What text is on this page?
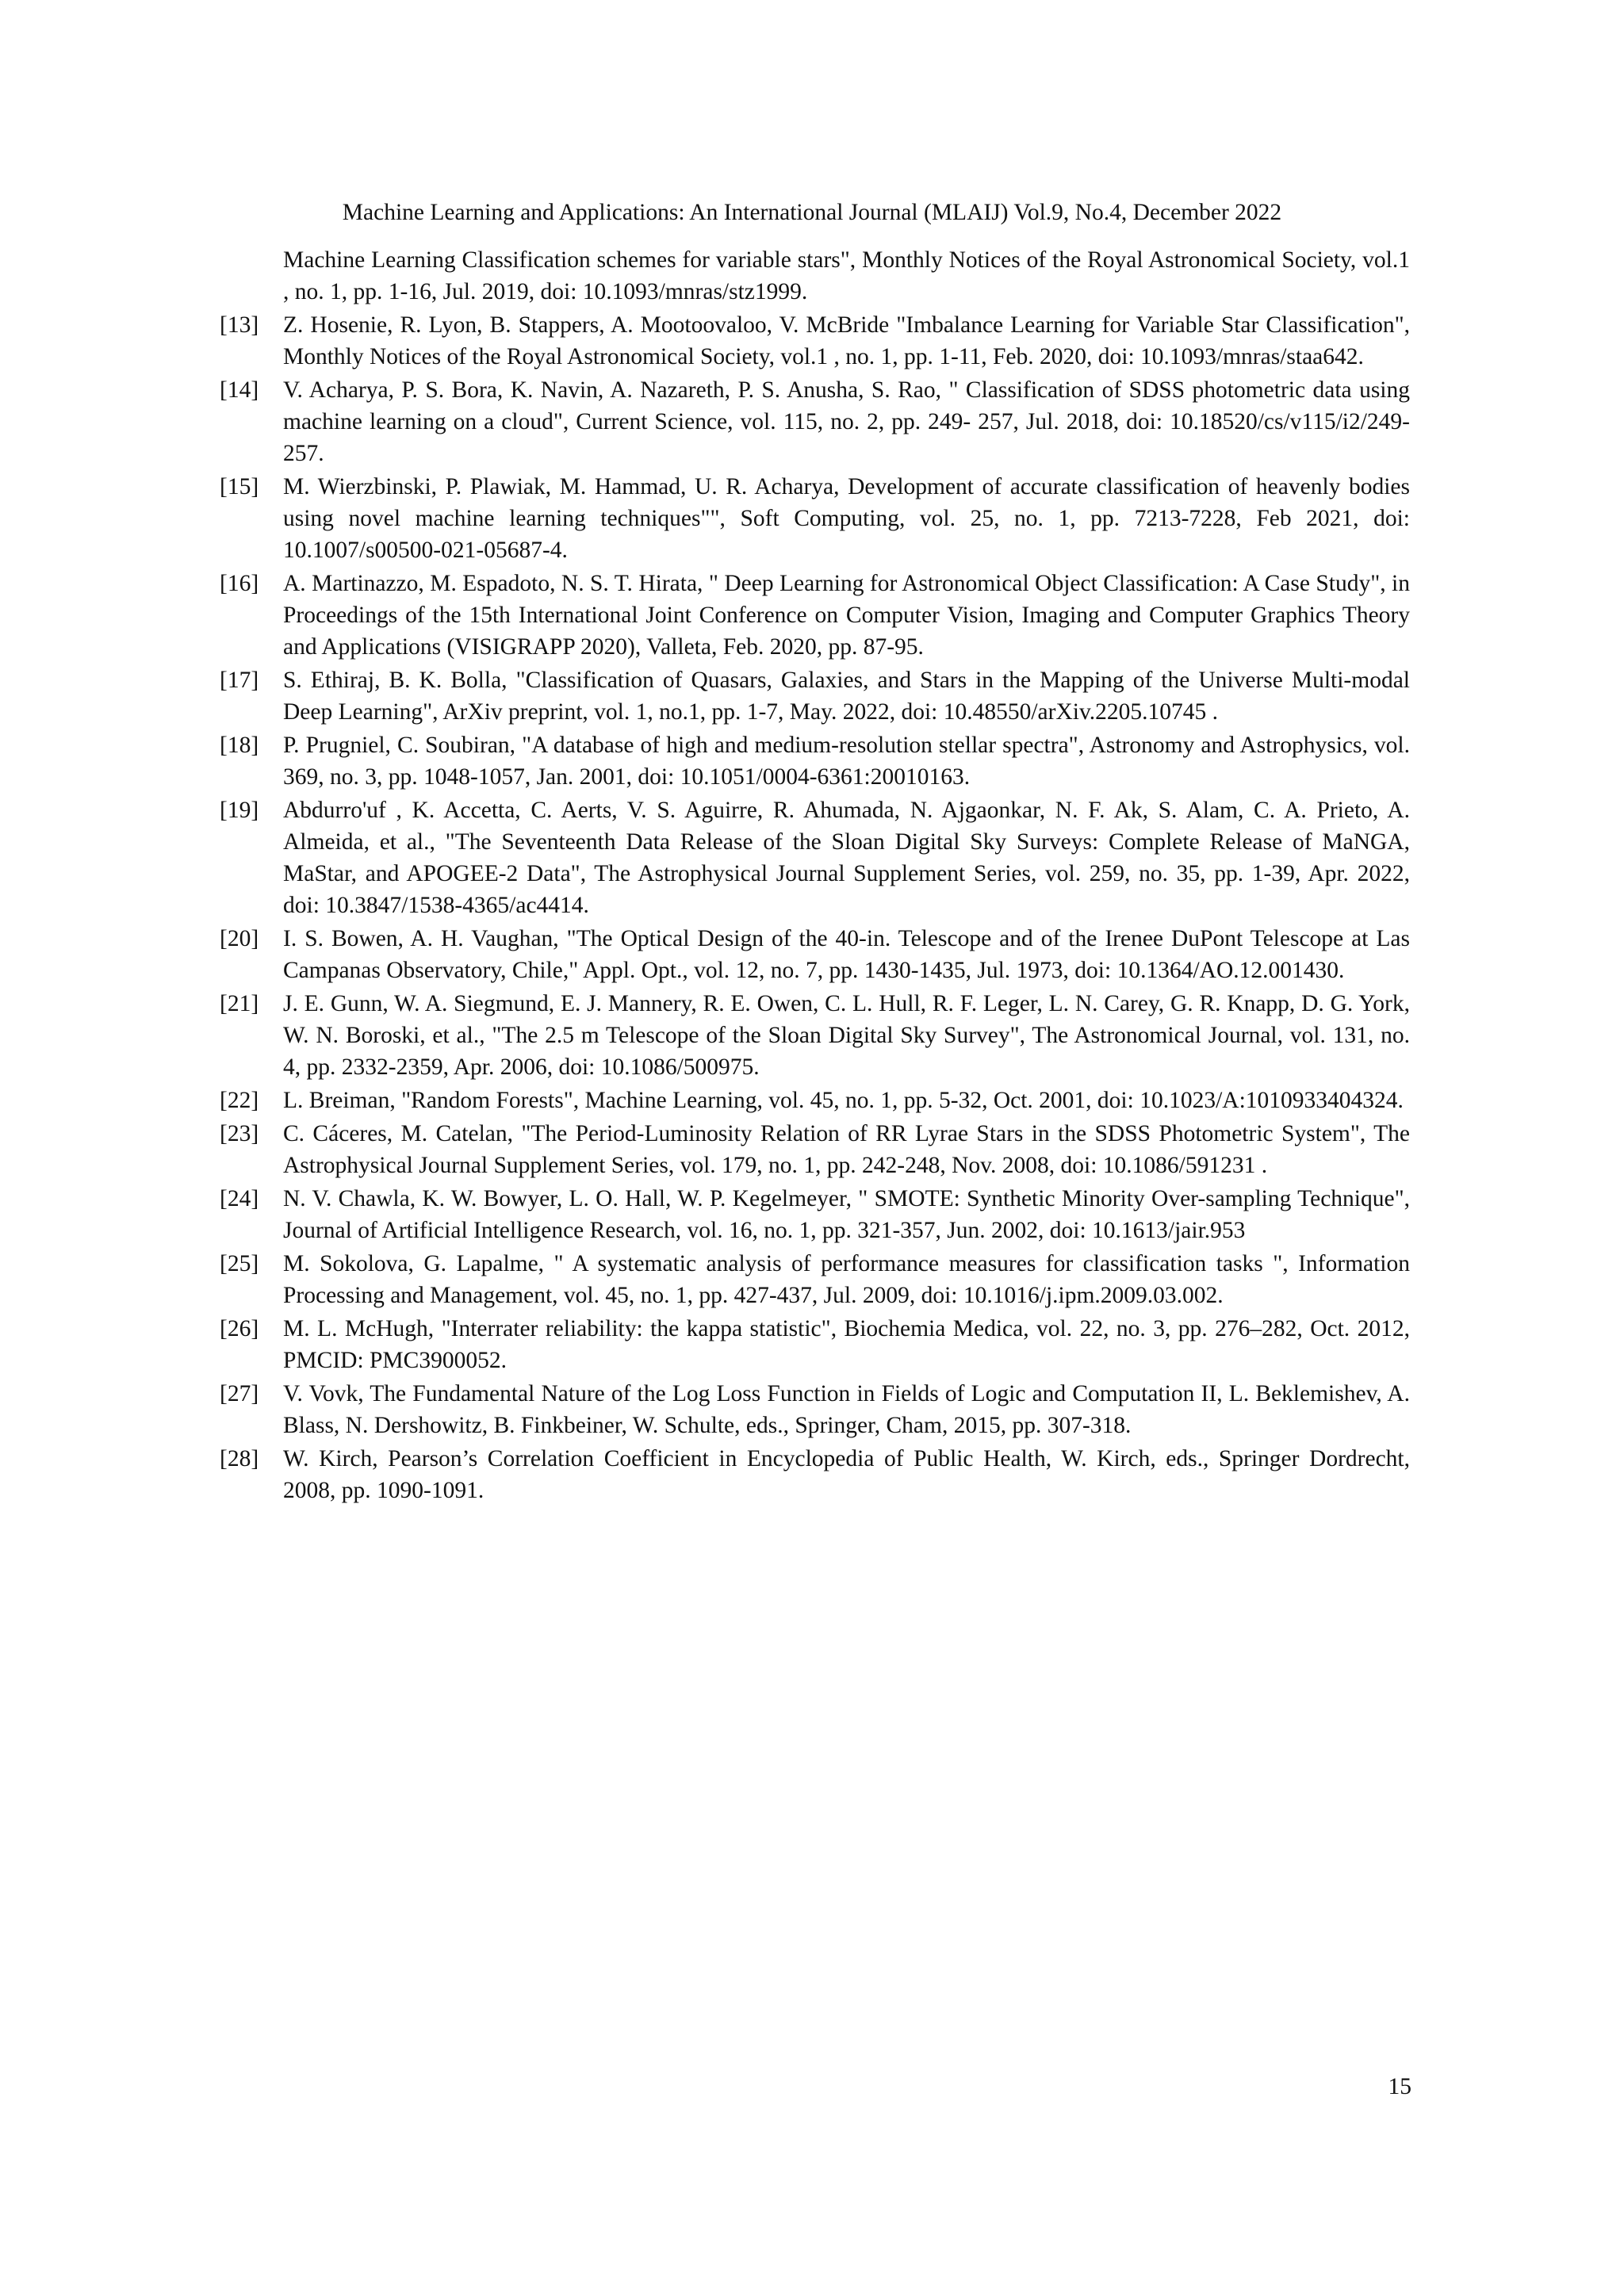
Machine Learning and Applications: An International Journal (MLAIJ) Vol.9, No.4, December 2022
Machine Learning Classification schemes for variable stars", Monthly Notices of the Royal Astronomical Society, vol.1 , no. 1, pp. 1-16, Jul. 2019, doi: 10.1093/mnras/stz1999.
[13]	Z. Hosenie, R. Lyon, B. Stappers, A. Mootoovaloo, V. McBride "Imbalance Learning for Variable Star Classification", Monthly Notices of the Royal Astronomical Society, vol.1 , no. 1, pp. 1-11, Feb. 2020, doi: 10.1093/mnras/staa642.
[14]	V. Acharya, P. S. Bora, K. Navin, A. Nazareth, P. S. Anusha, S. Rao, " Classification of SDSS photometric data using machine learning on a cloud", Current Science, vol. 115, no. 2, pp. 249- 257, Jul. 2018, doi: 10.18520/cs/v115/i2/249-257.
[15]	M. Wierzbinski, P. Plawiak, M. Hammad, U. R. Acharya, Development of accurate classification of heavenly bodies using novel machine learning techniques"", Soft Computing, vol. 25, no. 1, pp. 7213-7228, Feb 2021, doi: 10.1007/s00500-021-05687-4.
[16]	A. Martinazzo, M. Espadoto, N. S. T. Hirata, " Deep Learning for Astronomical Object Classification: A Case Study", in Proceedings of the 15th International Joint Conference on Computer Vision, Imaging and Computer Graphics Theory and Applications (VISIGRAPP 2020), Valleta, Feb. 2020, pp. 87-95.
[17]	S. Ethiraj, B. K. Bolla, "Classification of Quasars, Galaxies, and Stars in the Mapping of the Universe Multi-modal Deep Learning", ArXiv preprint, vol. 1, no.1, pp. 1-7, May. 2022, doi: 10.48550/arXiv.2205.10745 .
[18]	P. Prugniel, C. Soubiran, "A database of high and medium-resolution stellar spectra", Astronomy and Astrophysics, vol. 369, no. 3, pp. 1048-1057, Jan. 2001, doi: 10.1051/0004-6361:20010163.
[19]	Abdurro'uf , K. Accetta, C. Aerts, V. S. Aguirre, R. Ahumada, N. Ajgaonkar, N. F. Ak, S. Alam, C. A. Prieto, A. Almeida, et al., "The Seventeenth Data Release of the Sloan Digital Sky Surveys: Complete Release of MaNGA, MaStar, and APOGEE-2 Data", The Astrophysical Journal Supplement Series, vol. 259, no. 35, pp. 1-39, Apr. 2022, doi: 10.3847/1538-4365/ac4414.
[20]	I. S. Bowen, A. H. Vaughan, "The Optical Design of the 40-in. Telescope and of the Irenee DuPont Telescope at Las Campanas Observatory, Chile," Appl. Opt., vol. 12, no. 7, pp. 1430-1435, Jul. 1973, doi: 10.1364/AO.12.001430.
[21]	J. E. Gunn, W. A. Siegmund, E. J. Mannery, R. E. Owen, C. L. Hull, R. F. Leger, L. N. Carey, G. R. Knapp, D. G. York, W. N. Boroski, et al., "The 2.5 m Telescope of the Sloan Digital Sky Survey", The Astronomical Journal, vol. 131, no. 4, pp. 2332-2359, Apr. 2006, doi: 10.1086/500975.
[22]	L. Breiman, "Random Forests", Machine Learning, vol. 45, no. 1, pp. 5-32, Oct. 2001, doi: 10.1023/A:1010933404324.
[23]	C. Cáceres, M. Catelan, "The Period-Luminosity Relation of RR Lyrae Stars in the SDSS Photometric System", The Astrophysical Journal Supplement Series, vol. 179, no. 1, pp. 242-248, Nov. 2008, doi: 10.1086/591231 .
[24]	N. V. Chawla, K. W. Bowyer, L. O. Hall, W. P. Kegelmeyer, " SMOTE: Synthetic Minority Over-sampling Technique", Journal of Artificial Intelligence Research, vol. 16, no. 1, pp. 321-357, Jun. 2002, doi: 10.1613/jair.953
[25]	M. Sokolova, G. Lapalme, " A systematic analysis of performance measures for classification tasks ", Information Processing and Management, vol. 45, no. 1, pp. 427-437, Jul. 2009, doi: 10.1016/j.ipm.2009.03.002.
[26]	M. L. McHugh, "Interrater reliability: the kappa statistic", Biochemia Medica, vol. 22, no. 3, pp. 276–282, Oct. 2012, PMCID: PMC3900052.
[27]	V. Vovk, The Fundamental Nature of the Log Loss Function in Fields of Logic and Computation II, L. Beklemishev, A. Blass, N. Dershowitz, B. Finkbeiner, W. Schulte, eds., Springer, Cham, 2015, pp. 307-318.
[28]	W. Kirch, Pearson’s Correlation Coefficient in Encyclopedia of Public Health, W. Kirch, eds., Springer Dordrecht, 2008, pp. 1090-1091.
15
